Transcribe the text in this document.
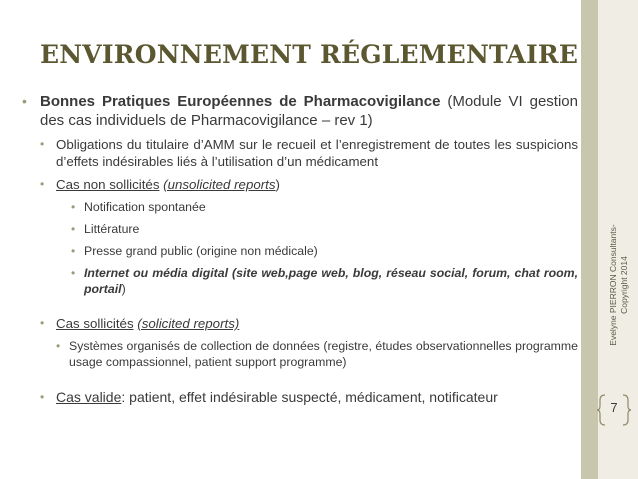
ENVIRONNEMENT RÉGLEMENTAIRE
• Bonnes Pratiques Européennes de Pharmacovigilance (Module VI gestion des cas individuels de Pharmacovigilance – rev 1)
• Obligations du titulaire d’AMM sur le recueil et l’enregistrement de toutes les suspicions d’effets indésirables liés à l’utilisation d’un médicament
• Cas non sollicités (unsolicited reports)
• Notification spontanée
• Littérature
• Presse grand public (origine non médicale)
• Internet ou média digital (site web,page web, blog, réseau social, forum, chat room, portail)
• Cas sollicités (solicited reports)
• Systèmes organisés de collection de données (registre, études observationnelles programme usage compassionnel, patient support programme)
• Cas valide: patient, effet indésirable suspecté, médicament, notificateur
Evelyne PIERRON Consultants- Copyright 2014
7
